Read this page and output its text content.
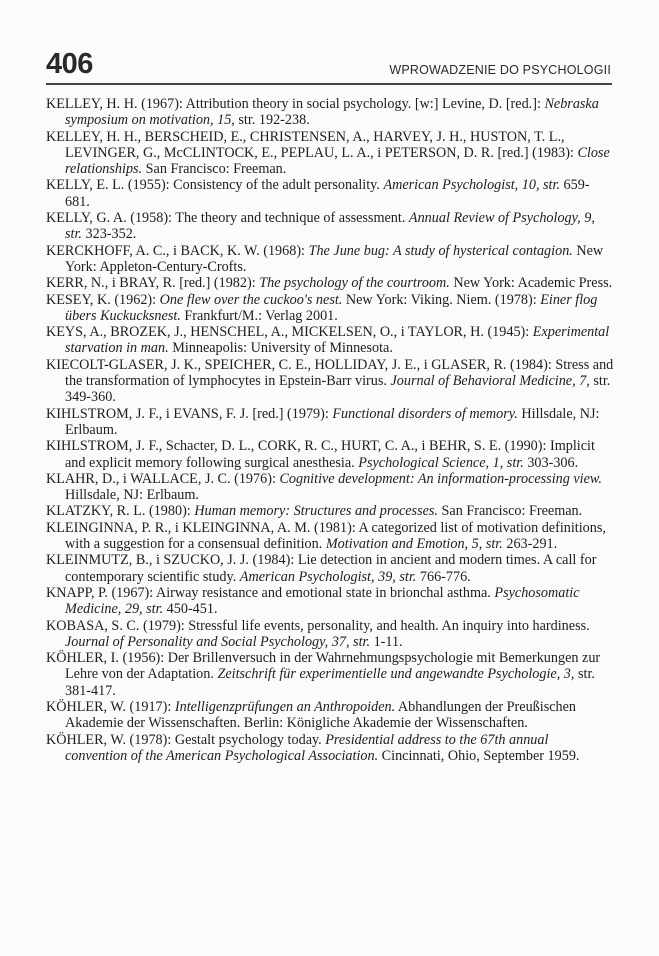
406	WPROWADZENIE DO PSYCHOLOGII

KELLEY, H. H. (1967): Attribution theory in social psychology. [w:] Levine, D. [red.]: Nebraska symposium on motivation, 15, str. 192-238.

KELLEY, H. H., BERSCHEID, E., CHRISTENSEN, A., HARVEY, J. H., HUSTON, T. L., LEVINGER, G., McCLINTOCK, E., PEPLAU, L. A., i PETERSON, D. R. [red.] (1983): Close relationships. San Francisco: Freeman.

KELLY, E. L. (1955): Consistency of the adult personality. American Psychologist, 10, str. 659-681.

KELLY, G. A. (1958): The theory and technique of assessment. Annual Review of Psychology, 9, str. 323-352.

KERCKHOFF, A. C., i BACK, K. W. (1968): The June bug: A study of hysterical contagion. New York: Appleton-Century-Crofts.

KERR, N., i BRAY, R. [red.] (1982): The psychology of the courtroom. New York: Academic Press.

KESEY, K. (1962): One flew over the cuckoo's nest. New York: Viking. Niem. (1978): Einer flog übers Kuckucksnest. Frankfurt/M.: Verlag 2001.

KEYS, A., BROZEK, J., HENSCHEL, A., MICKELSEN, O., i TAYLOR, H. (1945): Experimental starvation in man. Minneapolis: University of Minnesota.

KIECOLT-GLASER, J. K., SPEICHER, C. E., HOLLIDAY, J. E., i GLASER, R. (1984): Stress and the transformation of lymphocytes in Epstein-Barr virus. Journal of Behavioral Medicine, 7, str. 349-360.

KIHLSTROM, J. F., i EVANS, F. J. [red.] (1979): Functional disorders of memory. Hillsdale, NJ: Erlbaum.

KIHLSTROM, J. F., Schacter, D. L., CORK, R. C., HURT, C. A., i BEHR, S. E. (1990): Implicit and explicit memory following surgical anesthesia. Psychological Science, 1, str. 303-306.

KLAHR, D., i WALLACE, J. C. (1976): Cognitive development: An information-processing view. Hillsdale, NJ: Erlbaum.

KLATZKY, R. L. (1980): Human memory: Structures and processes. San Francisco: Freeman.

KLEINGINNA, P. R., i KLEINGINNA, A. M. (1981): A categorized list of motivation definitions, with a suggestion for a consensual definition. Motivation and Emotion, 5, str. 263-291.

KLEINMUTZ, B., i SZUCKO, J. J. (1984): Lie detection in ancient and modern times. A call for contemporary scientific study. American Psychologist, 39, str. 766-776.

KNAPP, P. (1967): Airway resistance and emotional state in brionchal asthma. Psychosomatic Medicine, 29, str. 450-451.

KOBASA, S. C. (1979): Stressful life events, personality, and health. An inquiry into hardiness. Journal of Personality and Social Psychology, 37, str. 1-11.

KÖHLER, I. (1956): Der Brillenversuch in der Wahrnehmungspsychologie mit Bemerkungen zur Lehre von der Adaptation. Zeitschrift für experimentielle und angewandte Psychologie, 3, str. 381-417.

KÖHLER, W. (1917): Intelligenzprüfungen an Anthropoiden. Abhandlungen der Preußischen Akademie der Wissenschaften. Berlin: Königliche Akademie der Wissenschaften.

KÖHLER, W. (1978): Gestalt psychology today. Presidential address to the 67th annual convention of the American Psychological Association. Cincinnati, Ohio, September 1959.
